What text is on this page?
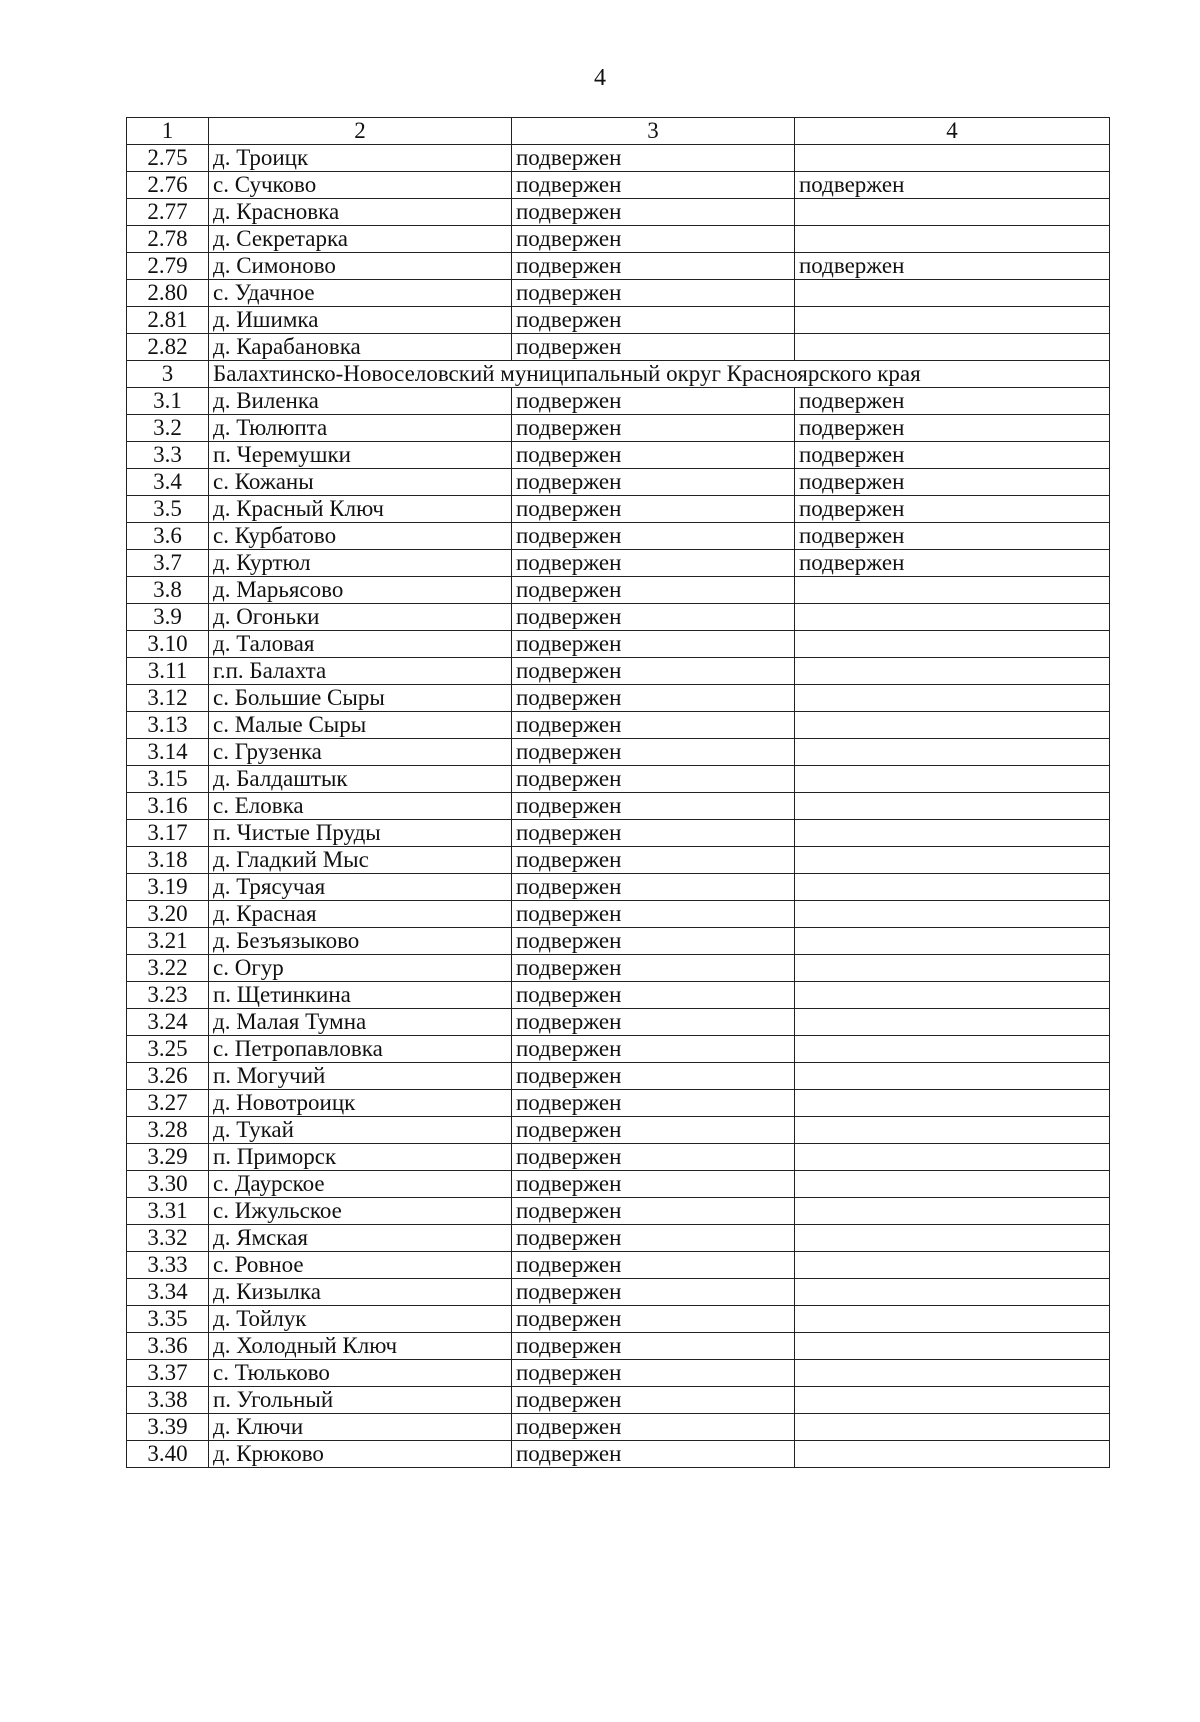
4
1	2	3	4
2.75	д. Троицк	подвержен	
2.76	с. Сучково	подвержен	подвержен
2.77	д. Красновка	подвержен	
2.78	д. Секретарка	подвержен	
2.79	д. Симоново	подвержен	подвержен
2.80	с. Удачное	подвержен	
2.81	д. Ишимка	подвержен	
2.82	д. Карабановка	подвержен	
3	Балахтинско-Новоселовский муниципальный округ Красноярского края		
3.1	д. Виленка	подвержен	подвержен
3.2	д. Тюлюпта	подвержен	подвержен
3.3	п. Черемушки	подвержен	подвержен
3.4	с. Кожаны	подвержен	подвержен
3.5	д. Красный Ключ	подвержен	подвержен
3.6	с. Курбатово	подвержен	подвержен
3.7	д. Куртюл	подвержен	подвержен
3.8	д. Марьясово	подвержен	
3.9	д. Огоньки	подвержен	
3.10	д. Таловая	подвержен	
3.11	г.п. Балахта	подвержен	
3.12	с. Большие Сыры	подвержен	
3.13	с. Малые Сыры	подвержен	
3.14	с. Грузенка	подвержен	
3.15	д. Балдаштык	подвержен	
3.16	с. Еловка	подвержен	
3.17	п. Чистые Пруды	подвержен	
3.18	д. Гладкий Мыс	подвержен	
3.19	д. Трясучая	подвержен	
3.20	д. Красная	подвержен	
3.21	д. Безъязыково	подвержен	
3.22	с. Огур	подвержен	
3.23	п. Щетинкина	подвержен	
3.24	д. Малая Тумна	подвержен	
3.25	с. Петропавловка	подвержен	
3.26	п. Могучий	подвержен	
3.27	д. Новотроицк	подвержен	
3.28	д. Тукай	подвержен	
3.29	п. Приморск	подвержен	
3.30	с. Даурское	подвержен	
3.31	с. Ижульское	подвержен	
3.32	д. Ямская	подвержен	
3.33	с. Ровное	подвержен	
3.34	д. Кизылка	подвержен	
3.35	д. Тойлук	подвержен	
3.36	д. Холодный Ключ	подвержен	
3.37	с. Тюльково	подвержен	
3.38	п. Угольный	подвержен	
3.39	д. Ключи	подвержен	
3.40	д. Крюково	подвержен	
